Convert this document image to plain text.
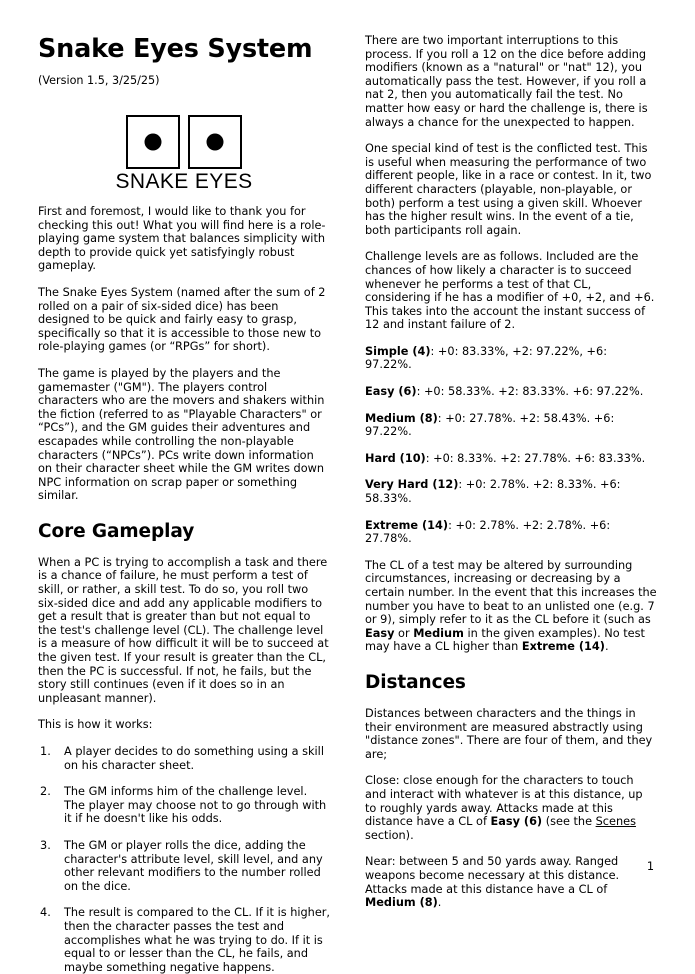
Snake Eyes System
(Version 1.5, 3/25/25)

SNAKE EYES

First and foremost, I would like to thank you for checking this out! What you will find here is a role-playing game system that balances simplicity with depth to provide quick yet satisfyingly robust gameplay.

The Snake Eyes System (named after the sum of 2 rolled on a pair of six-sided dice) has been designed to be quick and fairly easy to grasp, specifically so that it is accessible to those new to role-playing games (or “RPGs” for short).

The game is played by the players and the gamemaster ("GM"). The players control characters who are the movers and shakers within the fiction (referred to as "Playable Characters" or “PCs”), and the GM guides their adventures and escapades while controlling the non-playable characters (“NPCs”). PCs write down information on their character sheet while the GM writes down NPC information on scrap paper or something similar.

Core Gameplay

When a PC is trying to accomplish a task and there is a chance of failure, he must perform a test of skill, or rather, a skill test. To do so, you roll two six-sided dice and add any applicable modifiers to get a result that is greater than but not equal to the test's challenge level (CL). The challenge level is a measure of how difficult it will be to succeed at the given test. If your result is greater than the CL, then the PC is successful. If not, he fails, but the story still continues (even if it does so in an unpleasant manner).

This is how it works:

A player decides to do something using a skill on his character sheet.
The GM informs him of the challenge level. The player may choose not to go through with it if he doesn't like his odds.
The GM or player rolls the dice, adding the character's attribute level, skill level, and any other relevant modifiers to the number rolled on the dice.
The result is compared to the CL. If it is higher, then the character passes the test and accomplishes what he was trying to do. If it is equal to or lesser than the CL, he fails, and maybe something negative happens.

There are two important interruptions to this process. If you roll a 12 on the dice before adding modifiers (known as a "natural" or "nat" 12), you automatically pass the test. However, if you roll a nat 2, then you automatically fail the test. No matter how easy or hard the challenge is, there is always a chance for the unexpected to happen.

One special kind of test is the conflicted test. This is useful when measuring the performance of two different people, like in a race or contest. In it, two different characters (playable, non-playable, or both) perform a test using a given skill. Whoever has the higher result wins. In the event of a tie, both participants roll again.

Challenge levels are as follows. Included are the chances of how likely a character is to succeed whenever he performs a test of that CL, considering if he has a modifier of +0, +2, and +6. This takes into the account the instant success of 12 and instant failure of 2.

Simple (4): +0: 83.33%, +2: 97.22%, +6: 97.22%.
Easy (6): +0: 58.33%. +2: 83.33%. +6: 97.22%.
Medium (8): +0: 27.78%. +2: 58.43%. +6: 97.22%.
Hard (10): +0: 8.33%. +2: 27.78%. +6: 83.33%.
Very Hard (12): +0: 2.78%. +2: 8.33%. +6: 58.33%.
Extreme (14): +0: 2.78%. +2: 2.78%. +6: 27.78%.

The CL of a test may be altered by surrounding circumstances, increasing or decreasing by a certain number. In the event that this increases the number you have to beat to an unlisted one (e.g. 7 or 9), simply refer to it as the CL before it (such as Easy or Medium in the given examples). No test may have a CL higher than Extreme (14).

Distances

Distances between characters and the things in their environment are measured abstractly using "distance zones". There are four of them, and they are;

Close: close enough for the characters to touch and interact with whatever is at this distance, up to roughly yards away. Attacks made at this distance have a CL of Easy (6) (see the Scenes section).

Near: between 5 and 50 yards away. Ranged weapons become necessary at this distance. Attacks made at this distance have a CL of Medium (8).

1
